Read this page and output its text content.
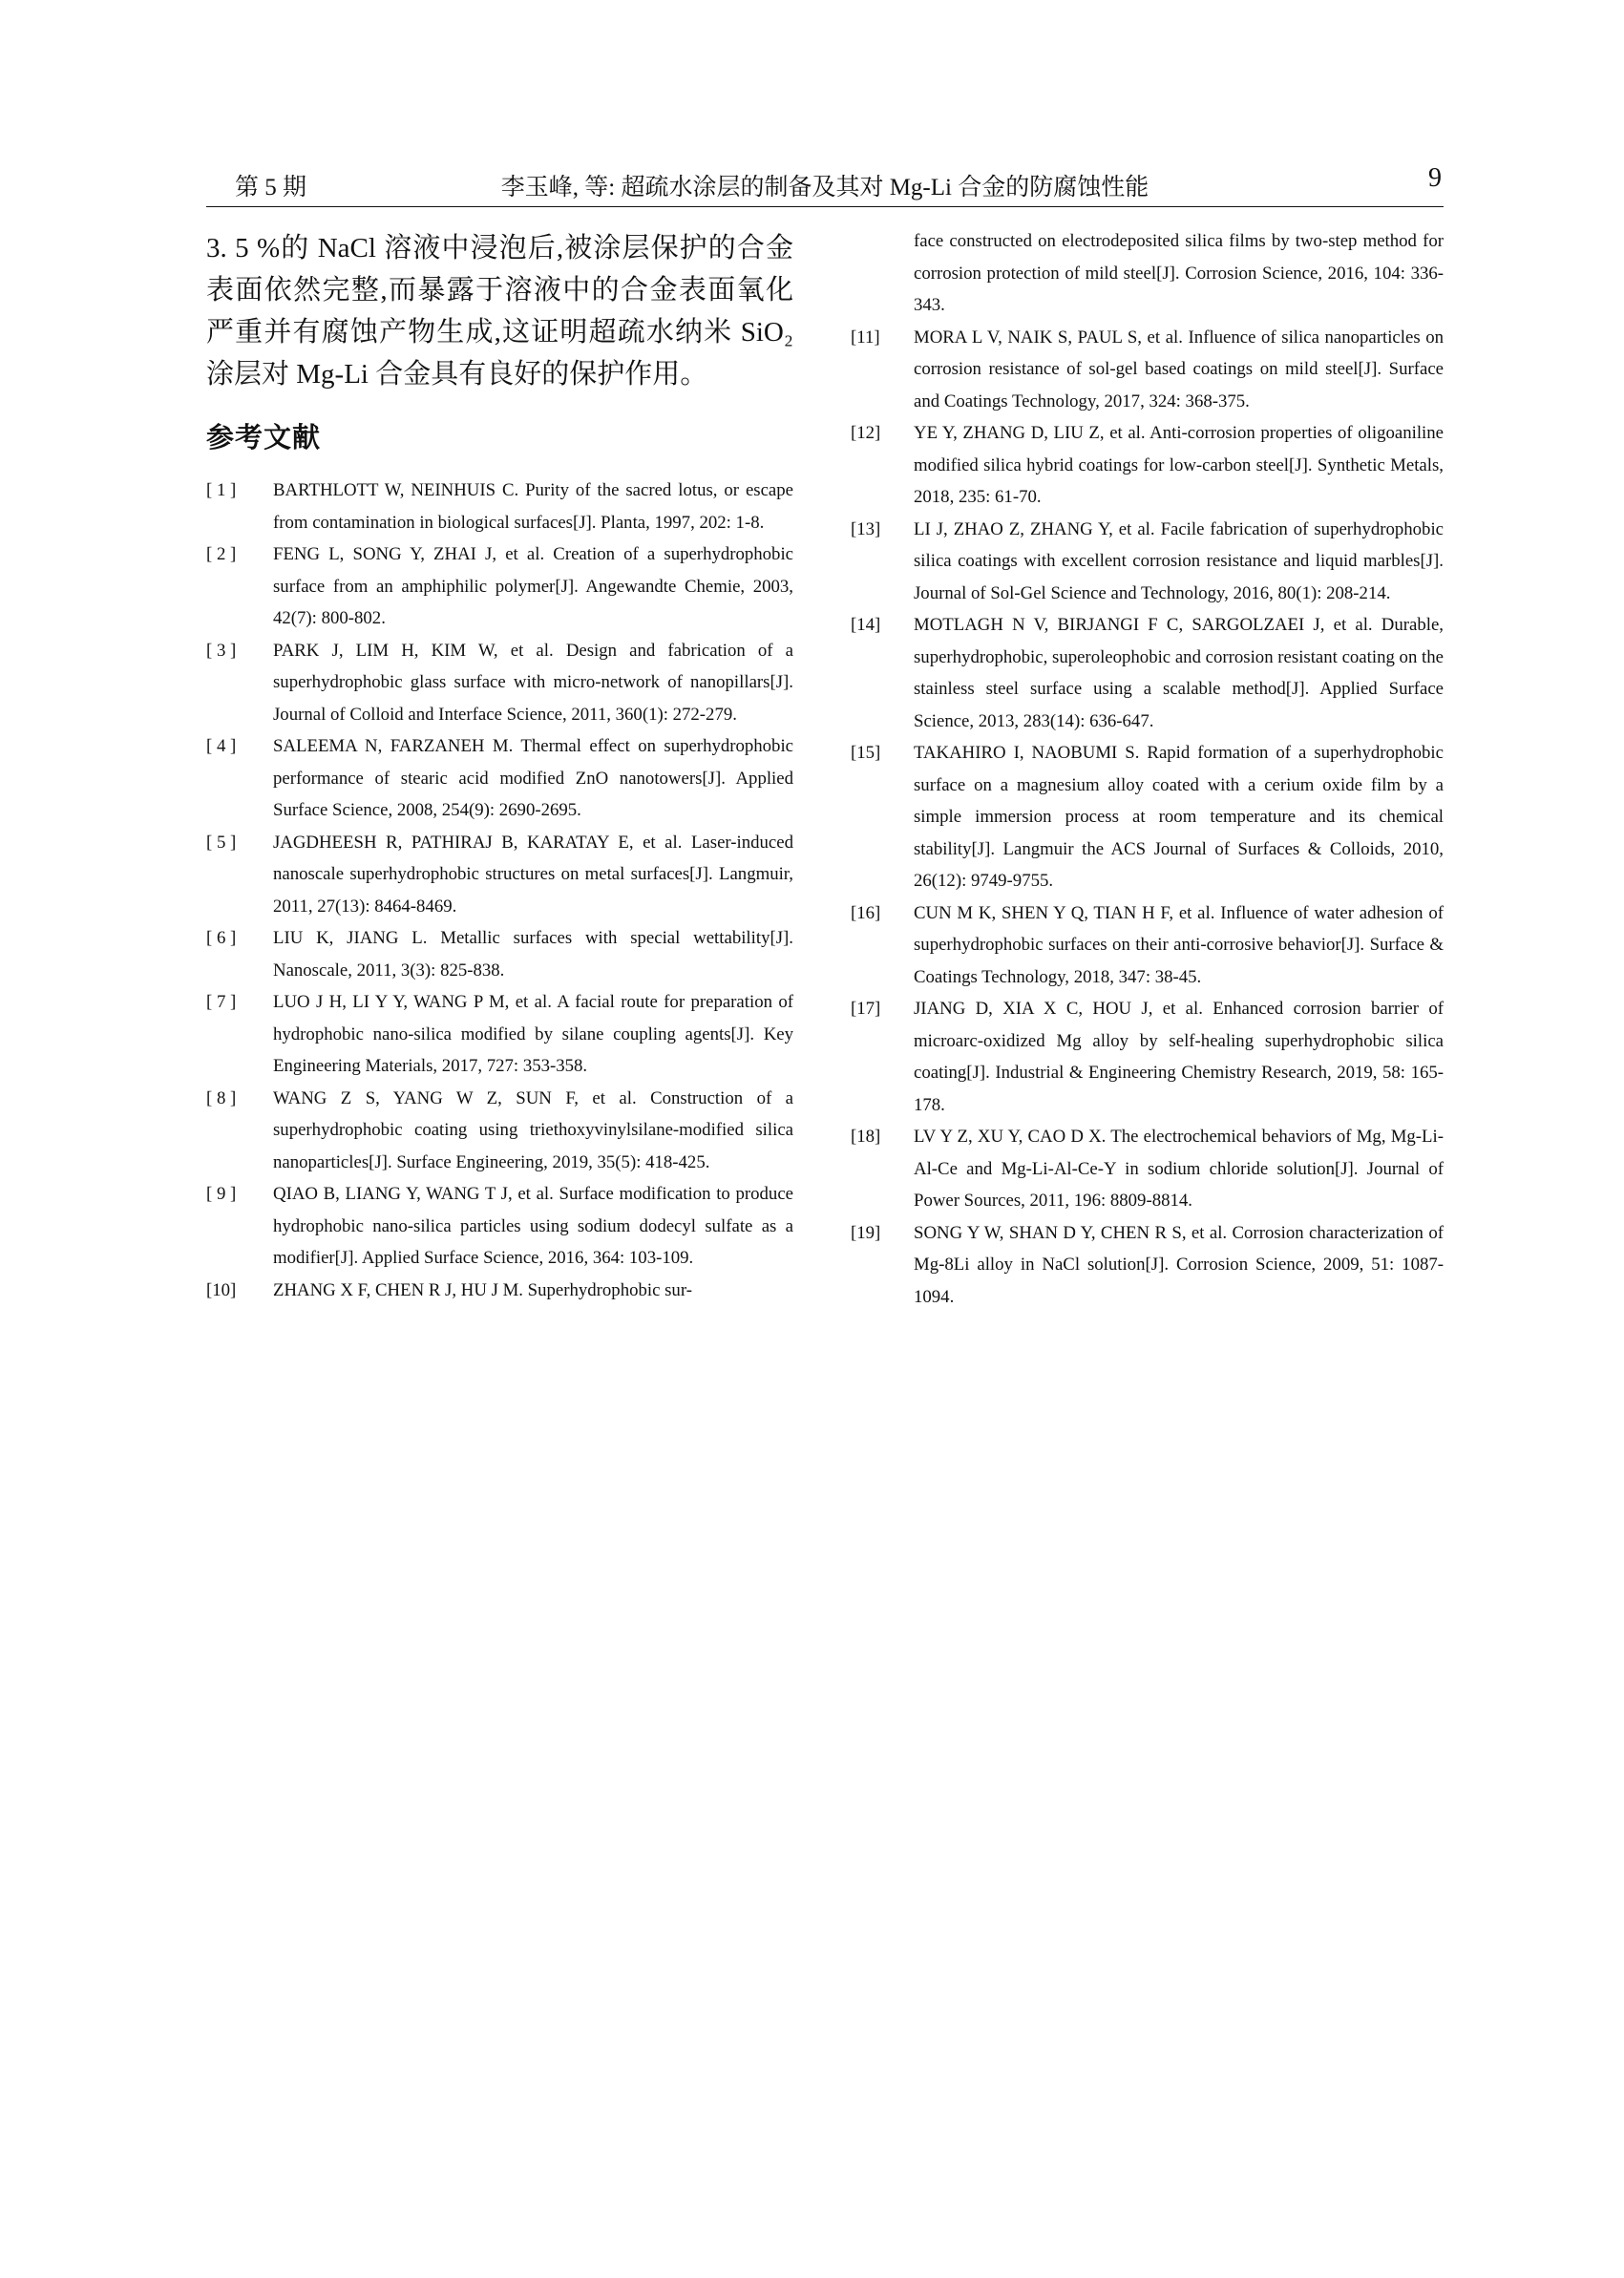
第 5 期	李玉峰, 等: 超疏水涂层的制备及其对 Mg-Li 合金的防腐蚀性能	9

3. 5 %的 NaCl 溶液中浸泡后,被涂层保护的合金表面依然完整,而暴露于溶液中的合金表面氧化严重并有腐蚀产物生成,这证明超疏水纳米 SiO₂ 涂层对 Mg-Li 合金具有良好的保护作用。

参考文献
[ 1 ]	BARTHLOTT W, NEINHUIS C. Purity of the sacred lotus, or escape from contamination in biological surfaces[J]. Planta, 1997, 202: 1-8.
[ 2 ]	FENG L, SONG Y, ZHAI J, et al. Creation of a superhydrophobic surface from an amphiphilic polymer[J]. Angewandte Chemie, 2003, 42(7): 800-802.
[ 3 ]	PARK J, LIM H, KIM W, et al. Design and fabrication of a superhydrophobic glass surface with micro-network of nanopillars[J]. Journal of Colloid and Interface Science, 2011, 360(1): 272-279.
[ 4 ]	SALEEMA N, FARZANEH M. Thermal effect on superhydrophobic performance of stearic acid modified ZnO nanotowers[J]. Applied Surface Science, 2008, 254(9): 2690-2695.
[ 5 ]	JAGDHEESH R, PATHIRAJ B, KARATAY E, et al. Laser-induced nanoscale superhydrophobic structures on metal surfaces[J]. Langmuir, 2011, 27(13): 8464-8469.
[ 6 ]	LIU K, JIANG L. Metallic surfaces with special wettability[J]. Nanoscale, 2011, 3(3): 825-838.
[ 7 ]	LUO J H, LI Y Y, WANG P M, et al. A facial route for preparation of hydrophobic nano-silica modified by silane coupling agents[J]. Key Engineering Materials, 2017, 727: 353-358.
[ 8 ]	WANG Z S, YANG W Z, SUN F, et al. Construction of a superhydrophobic coating using triethoxyvinylsilane-modified silica nanoparticles[J]. Surface Engineering, 2019, 35(5): 418-425.
[ 9 ]	QIAO B, LIANG Y, WANG T J, et al. Surface modification to produce hydrophobic nano-silica particles using sodium dodecyl sulfate as a modifier[J]. Applied Surface Science, 2016, 364: 103-109.
[10]	ZHANG X F, CHEN R J, HU J M. Superhydrophobic sur-
face constructed on electrodeposited silica films by two-step method for corrosion protection of mild steel[J]. Corrosion Science, 2016, 104: 336-343.
[11]	MORA L V, NAIK S, PAUL S, et al. Influence of silica nanoparticles on corrosion resistance of sol-gel based coatings on mild steel[J]. Surface and Coatings Technology, 2017, 324: 368-375.
[12]	YE Y, ZHANG D, LIU Z, et al. Anti-corrosion properties of oligoaniline modified silica hybrid coatings for low-carbon steel[J]. Synthetic Metals, 2018, 235: 61-70.
[13]	LI J, ZHAO Z, ZHANG Y, et al. Facile fabrication of superhydrophobic silica coatings with excellent corrosion resistance and liquid marbles[J]. Journal of Sol-Gel Science and Technology, 2016, 80(1): 208-214.
[14]	MOTLAGH N V, BIRJANGI F C, SARGOLZAEI J, et al. Durable, superhydrophobic, superoleophobic and corrosion resistant coating on the stainless steel surface using a scalable method[J]. Applied Surface Science, 2013, 283(14): 636-647.
[15]	TAKAHIRO I, NAOBUMI S. Rapid formation of a superhydrophobic surface on a magnesium alloy coated with a cerium oxide film by a simple immersion process at room temperature and its chemical stability[J]. Langmuir the ACS Journal of Surfaces & Colloids, 2010, 26(12): 9749-9755.
[16]	CUN M K, SHEN Y Q, TIAN H F, et al. Influence of water adhesion of superhydrophobic surfaces on their anti-corrosive behavior[J]. Surface & Coatings Technology, 2018, 347: 38-45.
[17]	JIANG D, XIA X C, HOU J, et al. Enhanced corrosion barrier of microarc-oxidized Mg alloy by self-healing superhydrophobic silica coating[J]. Industrial & Engineering Chemistry Research, 2019, 58: 165-178.
[18]	LV Y Z, XU Y, CAO D X. The electrochemical behaviors of Mg, Mg-Li-Al-Ce and Mg-Li-Al-Ce-Y in sodium chloride solution[J]. Journal of Power Sources, 2011, 196: 8809-8814.
[19]	SONG Y W, SHAN D Y, CHEN R S, et al. Corrosion characterization of Mg-8Li alloy in NaCl solution[J]. Corrosion Science, 2009, 51: 1087-1094.
